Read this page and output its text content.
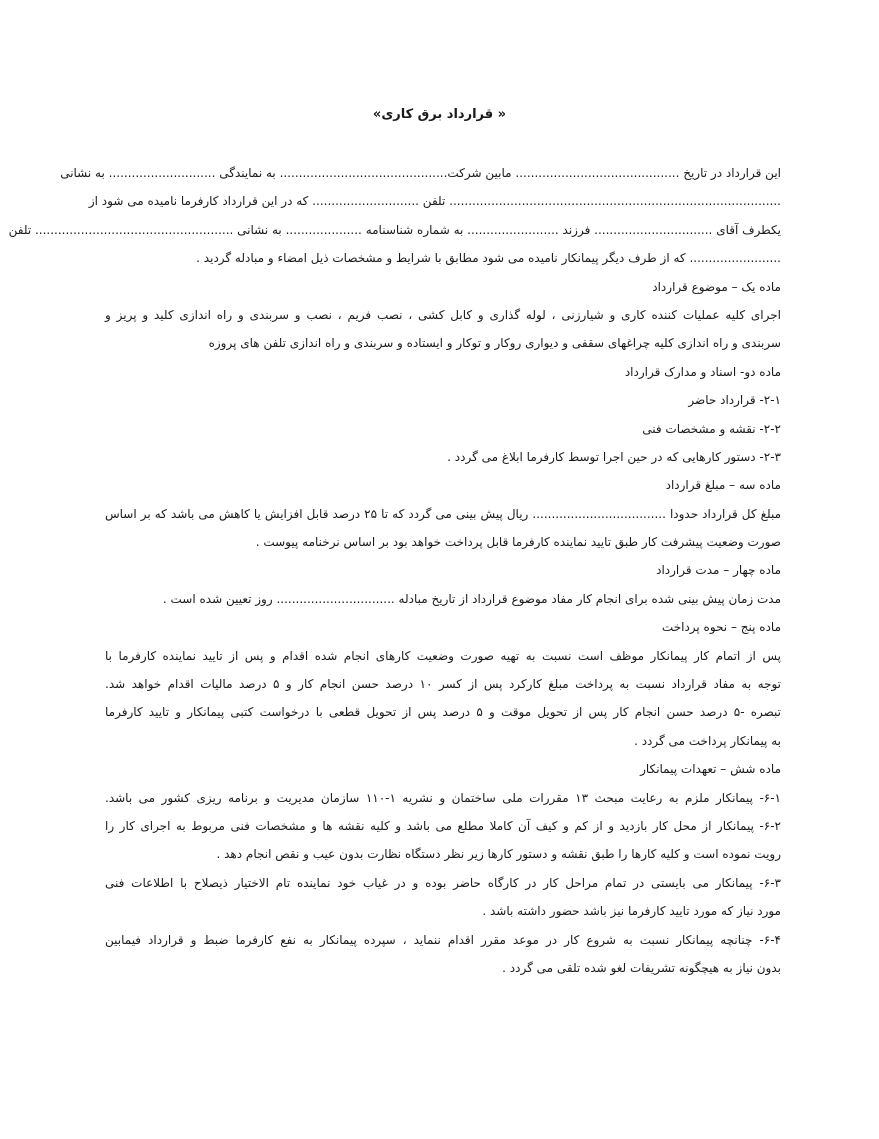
« قرارداد برق کاری»
این قرارداد در تاریخ ........................................... مابین شرکت............................................ به نمایندگی ............................ به نشانی
....................................................................................... تلفن ............................ که در این قرارداد کارفرما نامیده می شود از
یکطرف آقای ............................... فرزند ........................ به شماره شناسنامه .................... به نشانی .................................................... تلفن
........................ که از طرف دیگر پیمانکار نامیده می شود مطابق با شرایط و مشخصات ذیل امضاء و مبادله گردید .
ماده یک – موضوع قرارداد
اجرای کلیه عملیات کننده کاری و شیارزنی ، لوله گذاری و کابل کشی ، نصب فریم ، نصب و سربندی و راه اندازی کلید و پریز و
سربندی و راه اندازی کلیه چراغهای سقفی و دیواری روکار و توکار و ایستاده و سربندی و راه اندازی تلفن های پروزه
ماده دو- اسناد و مدارک قرارداد
۲-۱- قرارداد حاضر
۲-۲- نقشه و مشخصات فنی
۲-۳- دستور کارهایی که در حین اجرا توسط کارفرما ابلاغ می گردد .
ماده سه – مبلغ قرارداد
مبلغ کل قرارداد حدودا ................................... ریال پیش بینی می گردد که تا ۲۵ درصد قابل افزایش یا کاهش می باشد که بر اساس
صورت وضعیت پیشرفت کار طبق تایید نماینده کارفرما قابل پرداخت خواهد بود بر اساس نرخنامه پیوست .
ماده چهار – مدت قرارداد
مدت زمان پیش بینی شده برای انجام کار مفاد موضوع قرارداد از تاریخ مبادله ............................... روز تعیین شده است .
ماده پنج – نحوه پرداخت
پس از اتمام کار پیمانکار موظف است نسبت به تهیه صورت وضعیت کارهای انجام شده اقدام و پس از تایید نماینده کارفرما با
توجه به مفاد قرارداد نسبت به پرداخت مبلغ کارکرد پس از کسر ۱۰ درصد حسن انجام کار و ۵ درصد مالیات اقدام خواهد شد.
تبصره -۵ درصد حسن انجام کار پس از تحویل موقت و ۵ درصد پس از تحویل قطعی با درخواست کتبی پیمانکار و تایید کارفرما
به پیمانکار پرداخت می گردد .
ماده شش – تعهدات پیمانکار
۶-۱- پیمانکار ملزم به رعایت مبحث ۱۳ مقررات ملی ساختمان و نشریه ۱-۱۱۰ سازمان مدیریت و برنامه ریزی کشور می باشد.
۶-۲- پیمانکار از محل کار بازدید و از کم و کیف آن کاملا مطلع می باشد و کلیه نقشه ها و مشخصات فنی مربوط به اجرای کار را
رویت نموده است و کلیه کارها را طبق نقشه و دستور کارها زیر نظر دستگاه نظارت بدون عیب و نقص انجام دهد .
۶-۳- پیمانکار می بایستی در تمام مراحل کار در کارگاه حاضر بوده و در غیاب خود نماینده تام الاختیار ذیصلاح با اطلاعات فنی
مورد نیاز که مورد تایید کارفرما نیز باشد حضور داشته باشد .
۶-۴- چنانچه پیمانکار نسبت به شروع کار در موعد مقرر اقدام ننماید ، سپرده پیمانکار به نفع کارفرما ضبط و قرارداد فیمابین
بدون نیاز به هیچگونه تشریفات لغو شده تلقی می گردد .
